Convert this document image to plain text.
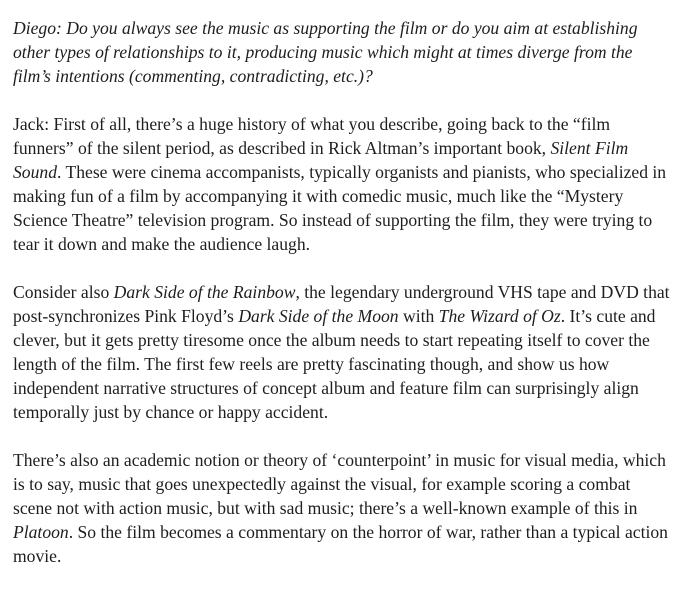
Diego: Do you always see the music as supporting the film or do you aim at establishing other types of relationships to it, producing music which might at times diverge from the film’s intentions (commenting, contradicting, etc.)?

Jack: First of all, there’s a huge history of what you describe, going back to the “film funners” of the silent period, as described in Rick Altman’s important book, Silent Film Sound. These were cinema accompanists, typically organists and pianists, who specialized in making fun of a film by accompanying it with comedic music, much like the “Mystery Science Theatre” television program. So instead of supporting the film, they were trying to tear it down and make the audience laugh.

Consider also Dark Side of the Rainbow, the legendary underground VHS tape and DVD that post-synchronizes Pink Floyd’s Dark Side of the Moon with The Wizard of Oz. It’s cute and clever, but it gets pretty tiresome once the album needs to start repeating itself to cover the length of the film. The first few reels are pretty fascinating though, and show us how independent narrative structures of concept album and feature film can surprisingly align temporally just by chance or happy accident.

There’s also an academic notion or theory of ‘counterpoint’ in music for visual media, which is to say, music that goes unexpectedly against the visual, for example scoring a combat scene not with action music, but with sad music; there’s a well-known example of this in Platoon. So the film becomes a commentary on the horror of war, rather than a typical action movie.
